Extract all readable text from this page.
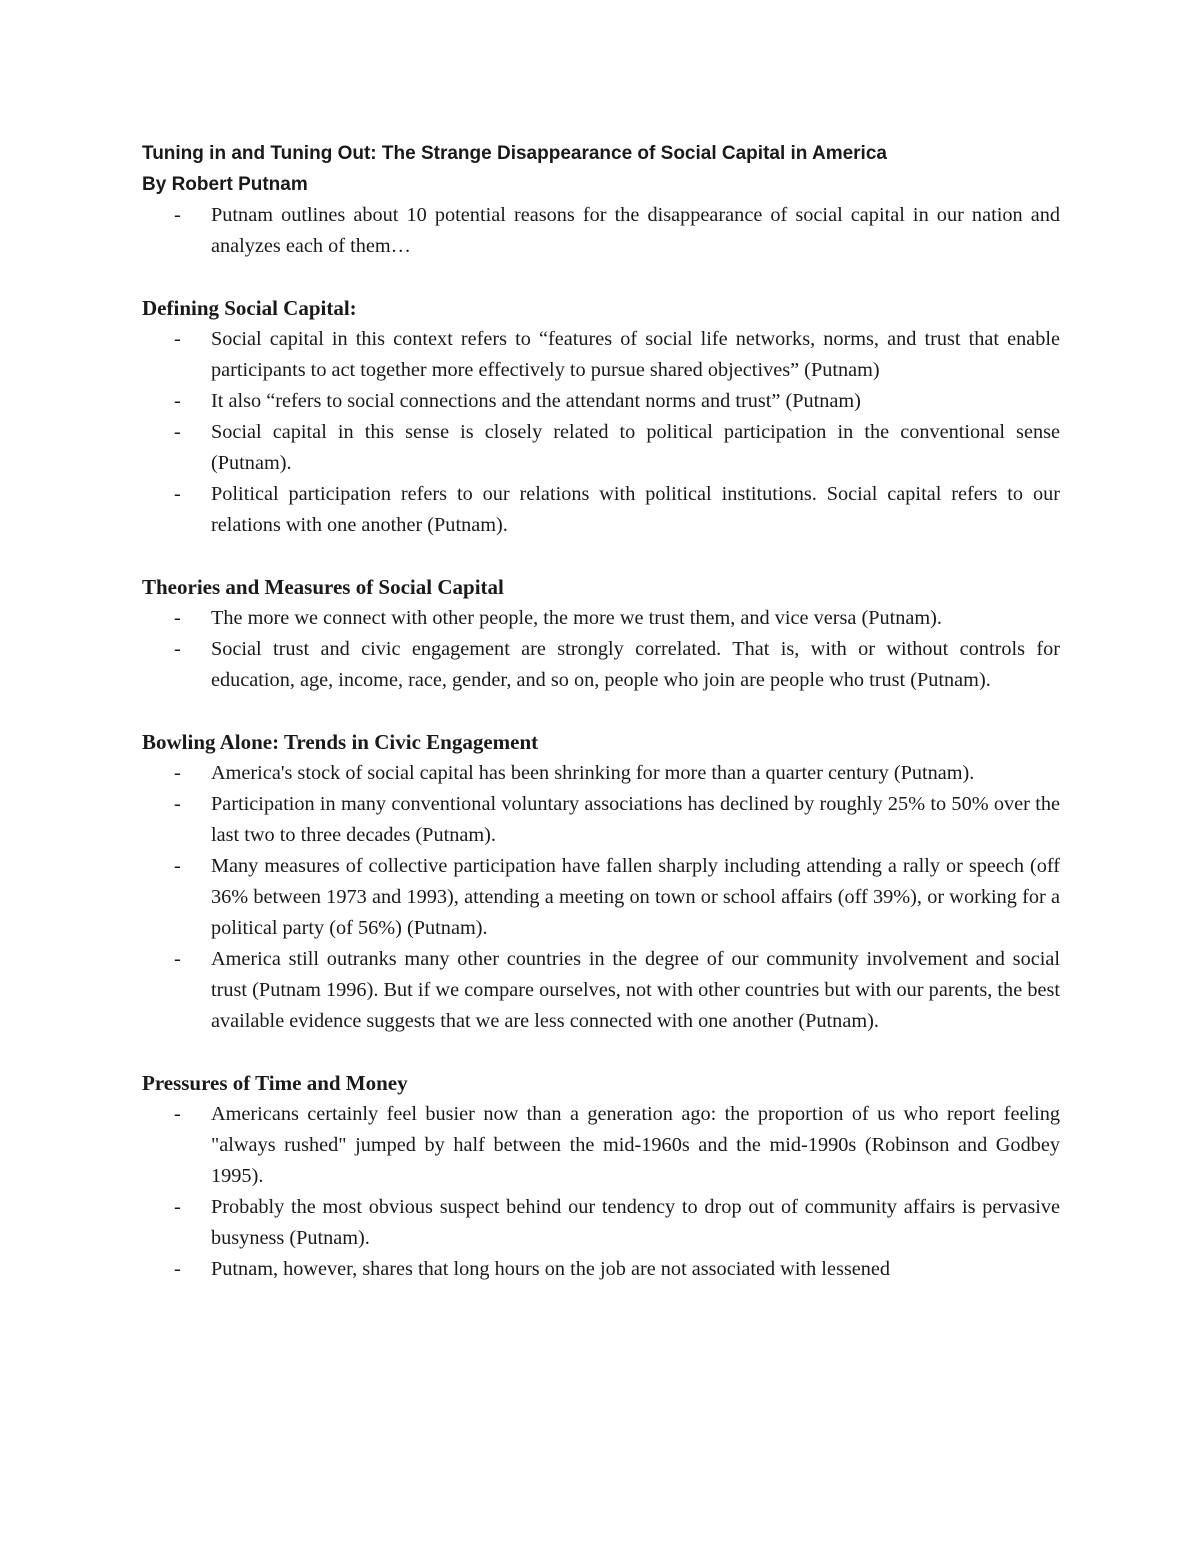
Tuning in and Tuning Out: The Strange Disappearance of Social Capital in America
By Robert Putnam
- Putnam outlines about 10 potential reasons for the disappearance of social capital in our nation and analyzes each of them…
Defining Social Capital:
- Social capital in this context refers to “features of social life networks, norms, and trust that enable participants to act together more effectively to pursue shared objectives” (Putnam)
- It also “refers to social connections and the attendant norms and trust” (Putnam)
- Social capital in this sense is closely related to political participation in the conventional sense (Putnam).
- Political participation refers to our relations with political institutions. Social capital refers to our relations with one another (Putnam).
Theories and Measures of Social Capital
- The more we connect with other people, the more we trust them, and vice versa (Putnam).
- Social trust and civic engagement are strongly correlated. That is, with or without controls for education, age, income, race, gender, and so on, people who join are people who trust (Putnam).
Bowling Alone: Trends in Civic Engagement
- America's stock of social capital has been shrinking for more than a quarter century (Putnam).
- Participation in many conventional voluntary associations has declined by roughly 25% to 50% over the last two to three decades (Putnam).
- Many measures of collective participation have fallen sharply including attending a rally or speech (off 36% between 1973 and 1993), attending a meeting on town or school affairs (off 39%), or working for a political party (of 56%) (Putnam).
- America still outranks many other countries in the degree of our community involvement and social trust (Putnam 1996). But if we compare ourselves, not with other countries but with our parents, the best available evidence suggests that we are less connected with one another (Putnam).
Pressures of Time and Money
- Americans certainly feel busier now than a generation ago: the proportion of us who report feeling "always rushed" jumped by half between the mid-1960s and the mid-1990s (Robinson and Godbey 1995).
- Probably the most obvious suspect behind our tendency to drop out of community affairs is pervasive busyness (Putnam).
- Putnam, however, shares that long hours on the job are not associated with lessened
